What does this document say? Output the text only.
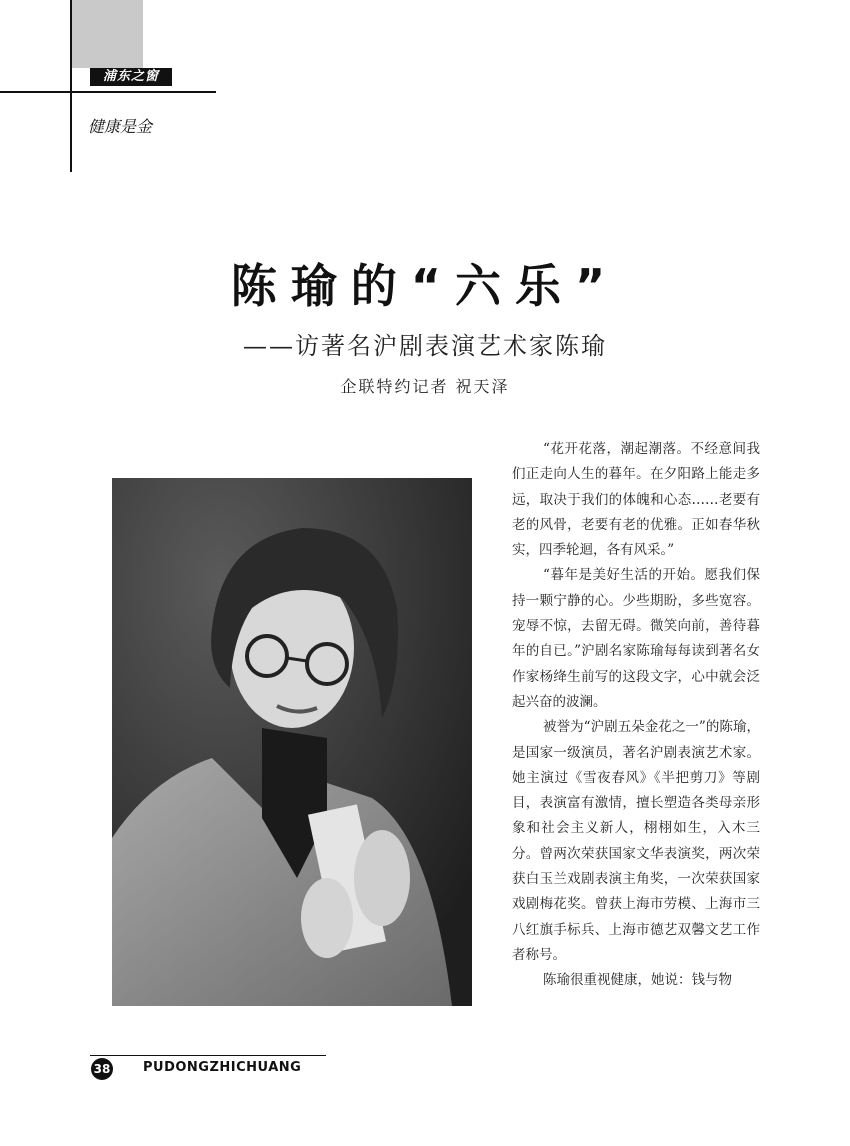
浦东之窗
健康是金
陈瑜的“六乐”
——访著名沪剧表演艺术家陈瑜
企联特约记者 祝天泽

“花开花落，潮起潮落。不经意间我们正走向人生的暮年。在夕阳路上能走多远，取决于我们的体魄和心态……老要有老的风骨，老要有老的优雅。正如春华秋实，四季轮迴，各有风采。”

“暮年是美好生活的开始。愿我们保持一颗宁静的心。少些期盼，多些宽容。宠辱不惊，去留无碍。微笑向前，善待暮年的自已。”沪剧名家陈瑜每每读到著名女作家杨绛生前写的这段文字，心中就会泛起兴奋的波澜。

被誉为“沪剧五朵金花之一”的陈瑜，是国家一级演员，著名沪剧表演艺术家。 她主演过《雪夜春风》《半把剪刀》等剧目，表演富有激情，擅长塑造各类母亲形象和社会主义新人，栩栩如生，入木三分。曾两次荣获国家文华表演奖，两次荣获白玉兰戏剧表演主角奖，一次荣获国家戏剧梅花奖。曾获上海市劳模、上海市三八红旗手标兵、上海市德艺双馨文艺工作者称号。

陈瑜很重视健康，她说：钱与物

38	PUDONGZHICHUANG
